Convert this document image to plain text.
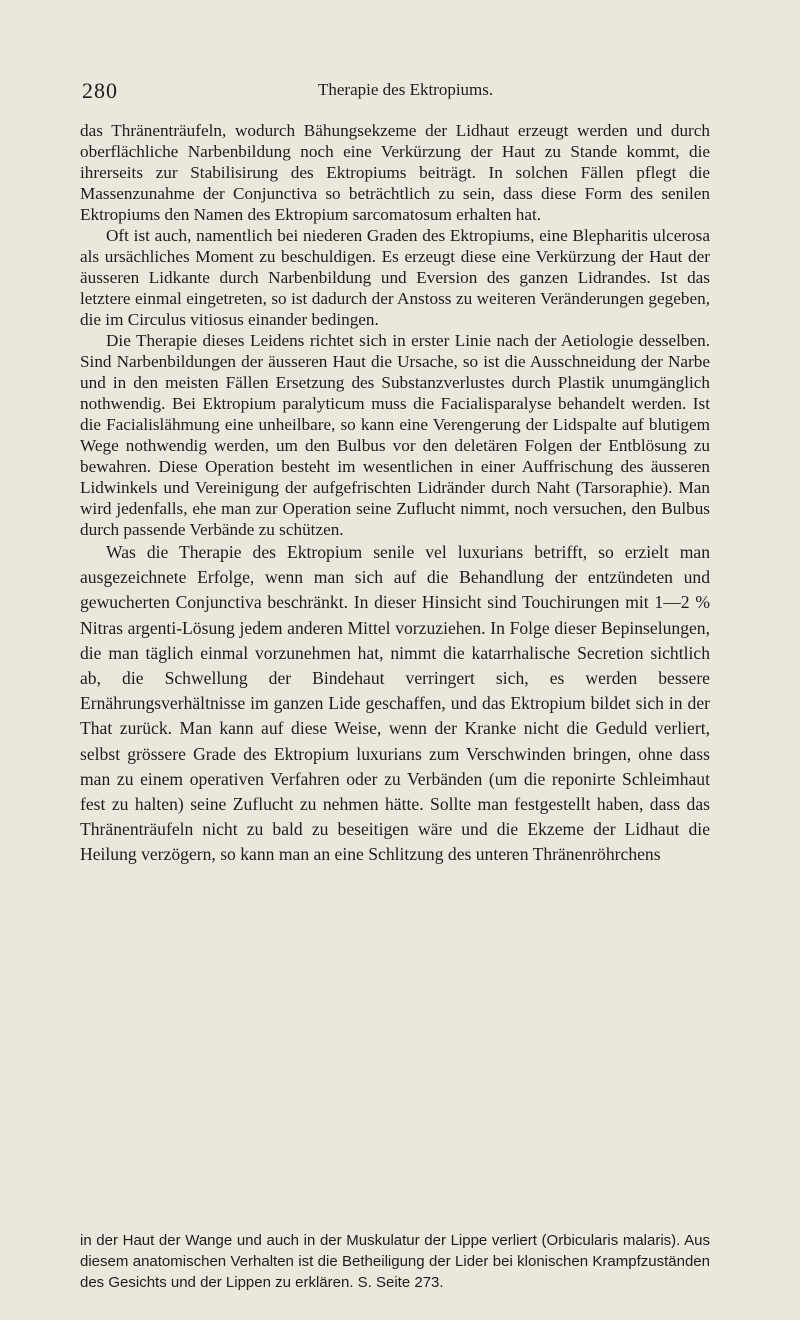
280	Therapie des Ektropiums.

das Thränenträufeln, wodurch Bähungsekzeme der Lidhaut erzeugt werden und durch oberflächliche Narbenbildung noch eine Verkürzung der Haut zu Stande kommt, die ihrerseits zur Stabilisirung des Ektropiums beiträgt. In solchen Fällen pflegt die Massenzunahme der Conjunctiva so beträchtlich zu sein, dass diese Form des senilen Ektropiums den Namen des Ektropium sarcomatosum erhalten hat.

Oft ist auch, namentlich bei niederen Graden des Ektropiums, eine Blepharitis ulcerosa als ursächliches Moment zu beschuldigen. Es erzeugt diese eine Verkürzung der Haut der äusseren Lidkante durch Narbenbildung und Eversion des ganzen Lidrandes. Ist das letztere einmal eingetreten, so ist dadurch der Anstoss zu weiteren Veränderungen gegeben, die im Circulus vitiosus einander bedingen.

Die Therapie dieses Leidens richtet sich in erster Linie nach der Aetiologie desselben. Sind Narbenbildungen der äusseren Haut die Ursache, so ist die Ausschneidung der Narbe und in den meisten Fällen Ersetzung des Substanzverlustes durch Plastik unumgänglich nothwendig. Bei Ektropium paralyticum muss die Facialisparalyse behandelt werden. Ist die Facialislähmung eine unheilbare, so kann eine Verengerung der Lidspalte auf blutigem Wege nothwendig werden, um den Bulbus vor den deletären Folgen der Entblösung zu bewahren. Diese Operation besteht im wesentlichen in einer Auffrischung des äusseren Lidwinkels und Vereinigung der aufgefrischten Lidränder durch Naht (Tarsoraphie). Man wird jedenfalls, ehe man zur Operation seine Zuflucht nimmt, noch versuchen, den Bulbus durch passende Verbände zu schützen.

Was die Therapie des Ektropium senile vel luxurians betrifft, so erzielt man ausgezeichnete Erfolge, wenn man sich auf die Behandlung der entzündeten und gewucherten Conjunctiva beschränkt. In dieser Hinsicht sind Touchirungen mit 1—2 % Nitras argenti-Lösung jedem anderen Mittel vorzuziehen. In Folge dieser Bepinselungen, die man täglich einmal vorzunehmen hat, nimmt die katarrhalische Secretion sichtlich ab, die Schwellung der Bindehaut verringert sich, es werden bessere Ernährungsverhältnisse im ganzen Lide geschaffen, und das Ektropium bildet sich in der That zurück. Man kann auf diese Weise, wenn der Kranke nicht die Geduld verliert, selbst grössere Grade des Ektropium luxurians zum Verschwinden bringen, ohne dass man zu einem operativen Verfahren oder zu Verbänden (um die reponirte Schleimhaut fest zu halten) seine Zuflucht zu nehmen hätte. Sollte man festgestellt haben, dass das Thränenträufeln nicht zu bald zu beseitigen wäre und die Ekzeme der Lidhaut die Heilung verzögern, so kann man an eine Schlitzung des unteren Thränenröhrchens

in der Haut der Wange und auch in der Muskulatur der Lippe verliert (Orbicularis malaris). Aus diesem anatomischen Verhalten ist die Betheiligung der Lider bei klonischen Krampfzuständen des Gesichts und der Lippen zu erklären. S. Seite 273.
